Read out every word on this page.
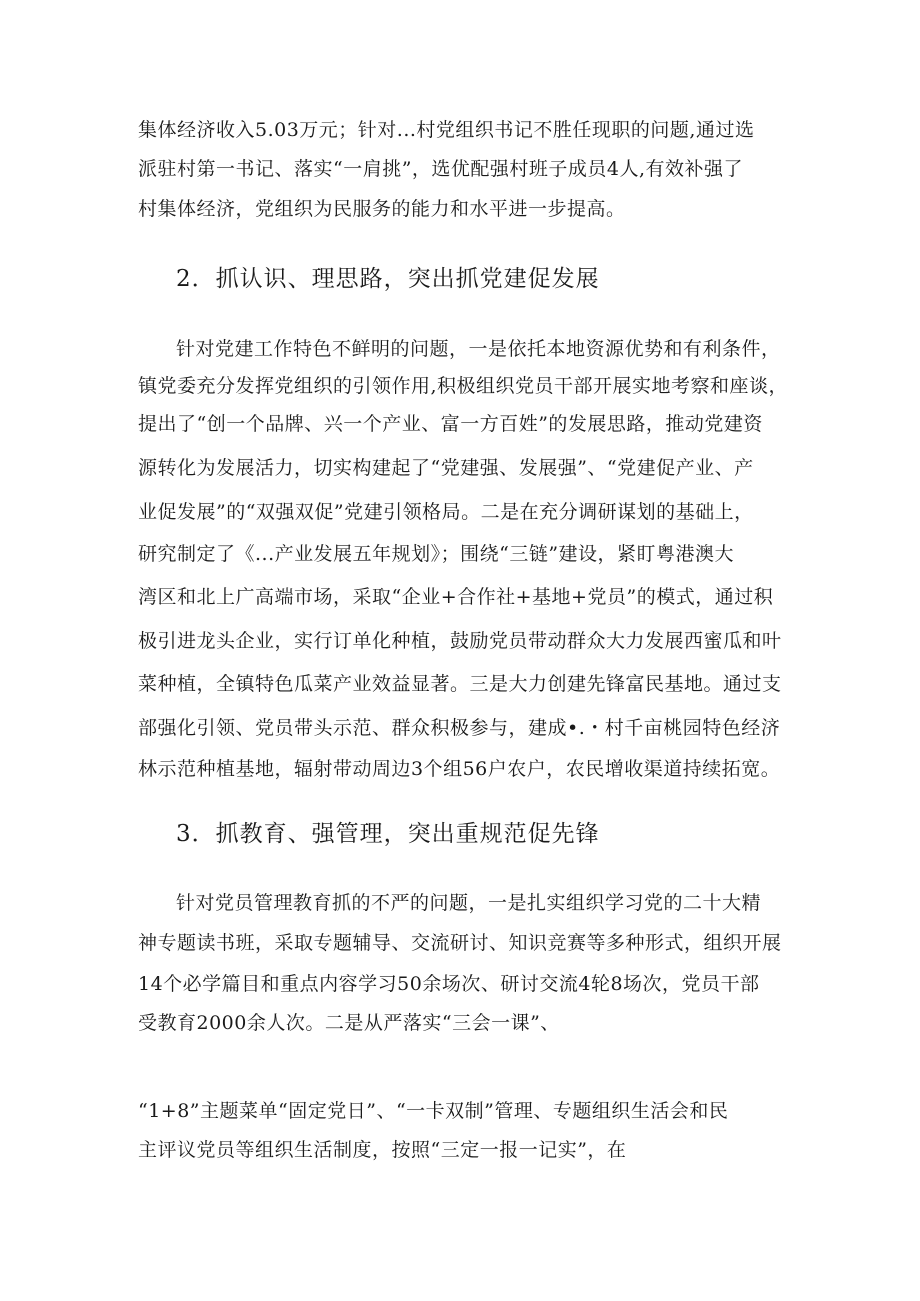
集体经济收入5.03万元；针对...村党组织书记不胜任现职的问题,通过选
派驻村第一书记、落实“一肩挑”，选优配强村班子成员4人,有效补强了
村集体经济，党组织为民服务的能力和水平进一步提高。
2．抓认识、理思路，突出抓党建促发展
针对党建工作特色不鲜明的问题，一是依托本地资源优势和有利条件，
镇党委充分发挥党组织的引领作用,积极组织党员干部开展实地考察和座谈，
提出了“创一个品牌、兴一个产业、富一方百姓”的发展思路，推动党建资
源转化为发展活力，切实构建起了“党建强、发展强”、“党建促产业、产
业促发展”的“双强双促”党建引领格局。二是在充分调研谋划的基础上，
研究制定了《...产业发展五年规划》；围绕“三链”建设，紧盯粤港澳大
湾区和北上广高端市场，采取“企业+合作社+基地+党员”的模式，通过积
极引进龙头企业，实行订单化种植，鼓励党员带动群众大力发展西蜜瓜和叶
菜种植，全镇特色瓜菜产业效益显著。三是大力创建先锋富民基地。通过支
部强化引领、党员带头示范、群众积极参与，建成•.・村千亩桃园特色经济
林示范种植基地，辐射带动周边3个组56户农户，农民增收渠道持续拓宽。
3．抓教育、强管理，突出重规范促先锋
针对党员管理教育抓的不严的问题，一是扎实组织学习党的二十大精
神专题读书班，采取专题辅导、交流研讨、知识竞赛等多种形式，组织开展
14个必学篇目和重点内容学习50余场次、研讨交流4轮8场次，党员干部
受教育2000余人次。二是从严落实“三会一课”、
“1+8”主题菜单“固定党日”、“一卡双制”管理、专题组织生活会和民
主评议党员等组织生活制度，按照“三定一报一记实”，在
